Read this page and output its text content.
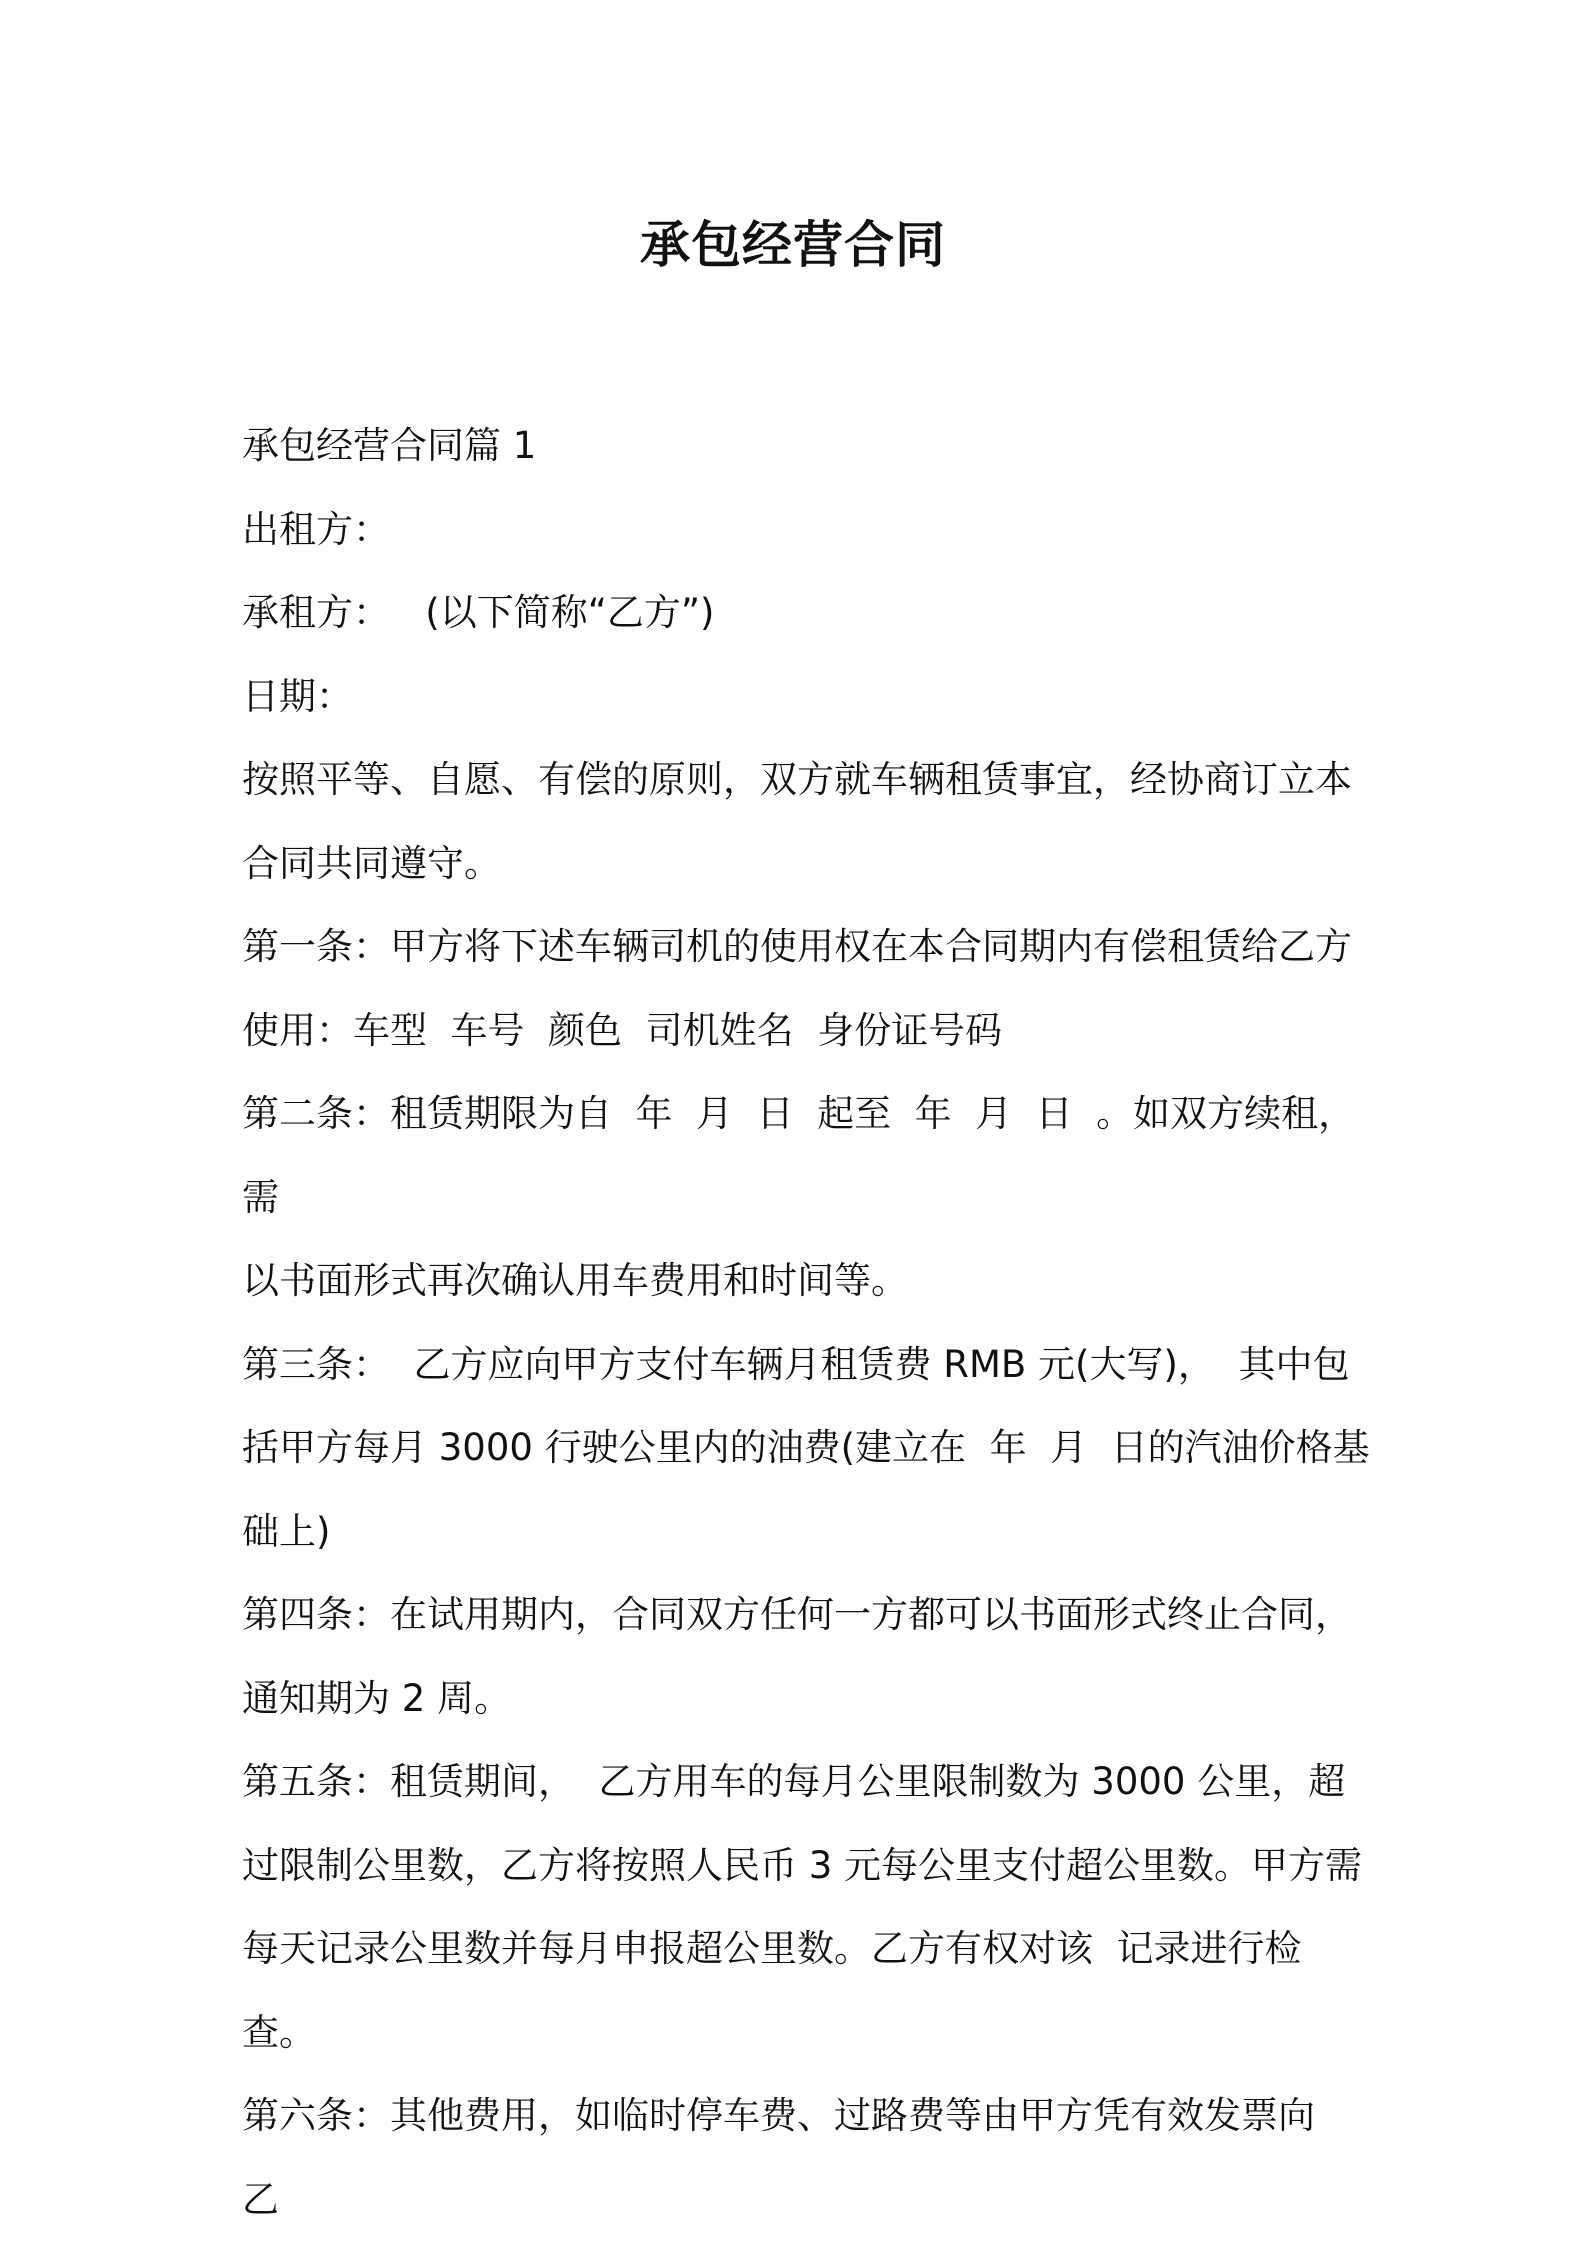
承包经营合同

承包经营合同篇 1

出租方：

承租方：   (以下简称“乙方”)

日期：

按照平等、自愿、有偿的原则，双方就车辆租赁事宜，经协商订立本

合同共同遵守。

第一条：甲方将下述车辆司机的使用权在本合同期内有偿租赁给乙方

使用：车型  车号  颜色  司机姓名  身份证号码

第二条：租赁期限为自  年  月  日  起至  年  月  日  。如双方续租，需

以书面形式再次确认用车费用和时间等。

第三条：  乙方应向甲方支付车辆月租赁费 RMB 元(大写)，  其中包

括甲方每月 3000 行驶公里内的油费(建立在  年  月  日的汽油价格基

础上)

第四条：在试用期内，合同双方任何一方都可以书面形式终止合同，

通知期为 2 周。

第五条：租赁期间，  乙方用车的每月公里限制数为 3000 公里，超

过限制公里数，乙方将按照人民币 3 元每公里支付超公里数。甲方需

每天记录公里数并每月申报超公里数。乙方有权对该  记录进行检查。

第六条：其他费用，如临时停车费、过路费等由甲方凭有效发票向  乙
